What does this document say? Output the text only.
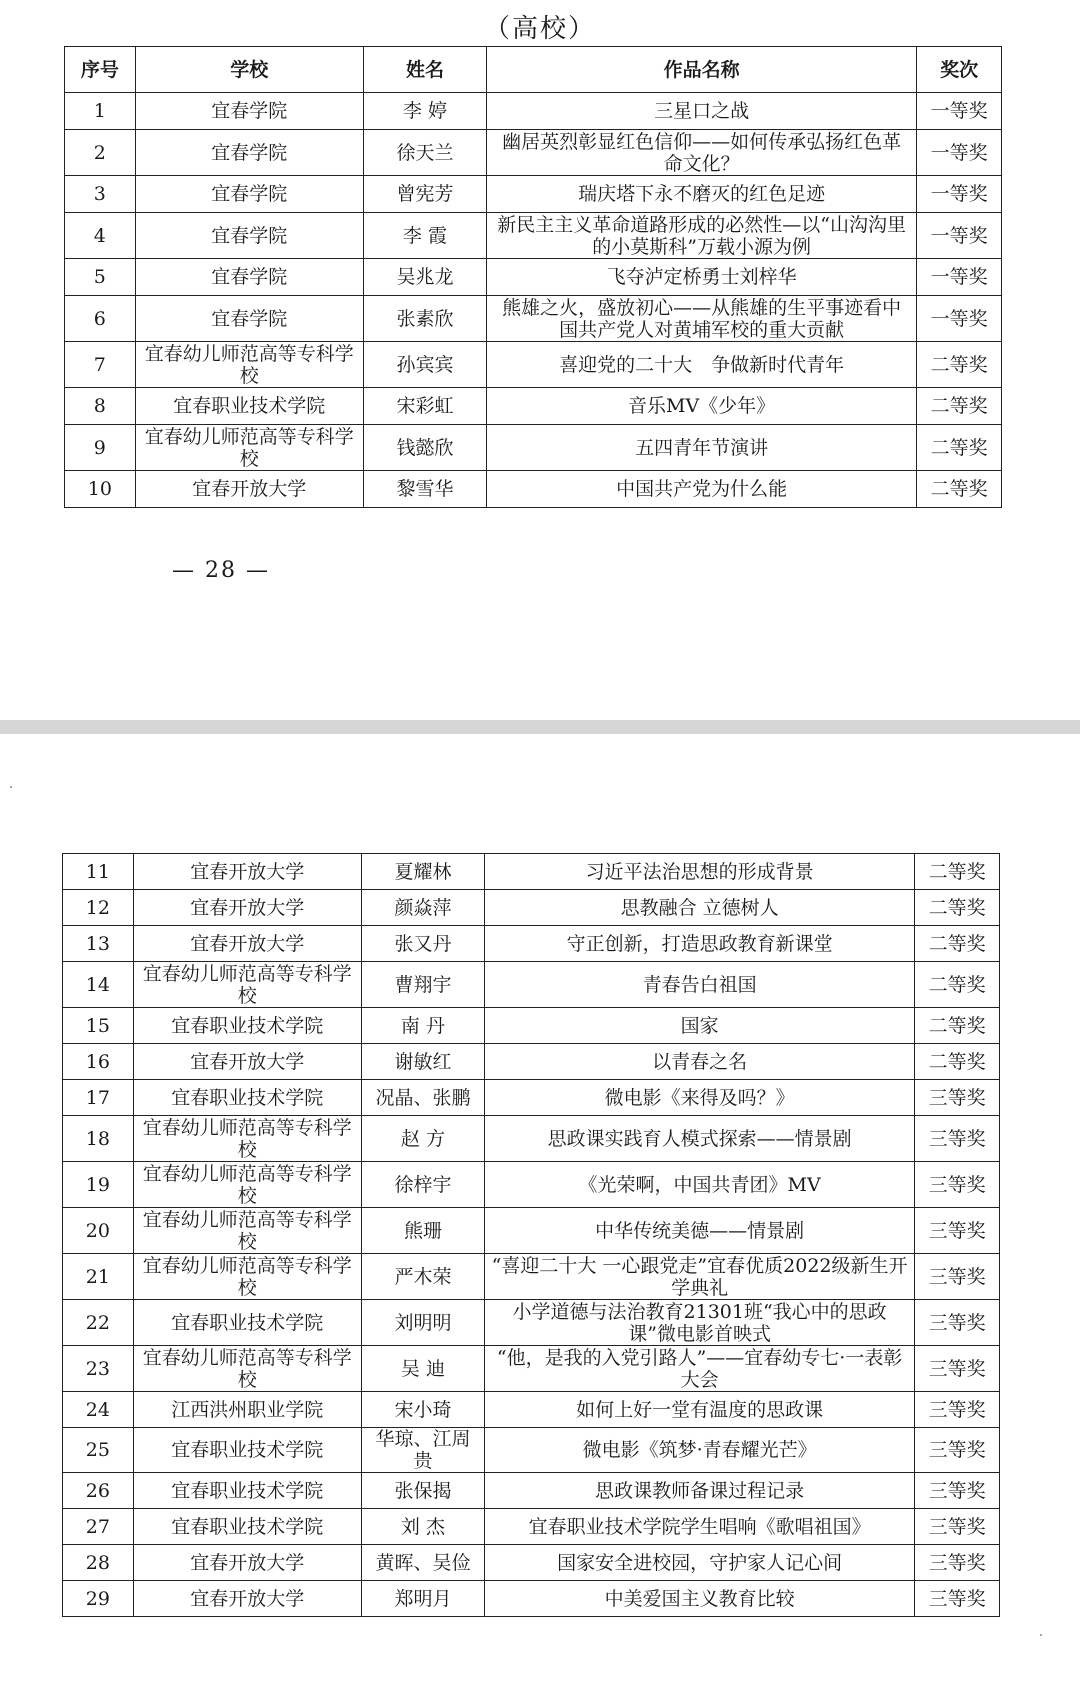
（高校）
序号	学校	姓名	作品名称	奖次
1	宜春学院	李 婷	三星口之战	一等奖
2	宜春学院	徐天兰	幽居英烈彰显红色信仰——如何传承弘扬红色革命文化？	一等奖
3	宜春学院	曾宪芳	瑞庆塔下永不磨灭的红色足迹	一等奖
4	宜春学院	李 霞	新民主主义革命道路形成的必然性—以“山沟沟里的小莫斯科”万载小源为例	一等奖
5	宜春学院	吴兆龙	飞夺泸定桥勇士刘梓华	一等奖
6	宜春学院	张素欣	熊雄之火，盛放初心——从熊雄的生平事迹看中国共产党人对黄埔军校的重大贡献	一等奖
7	宜春幼儿师范高等专科学校	孙宾宾	喜迎党的二十大　争做新时代青年	二等奖
8	宜春职业技术学院	宋彩虹	音乐MV《少年》	二等奖
9	宜春幼儿师范高等专科学校	钱懿欣	五四青年节演讲	二等奖
10	宜春开放大学	黎雪华	中国共产党为什么能	二等奖
— 28 —
11	宜春开放大学	夏耀林	习近平法治思想的形成背景	二等奖
12	宜春开放大学	颜焱萍	思教融合 立德树人	二等奖
13	宜春开放大学	张又丹	守正创新，打造思政教育新课堂	二等奖
14	宜春幼儿师范高等专科学校	曹翔宇	青春告白祖国	二等奖
15	宜春职业技术学院	南 丹	国家	二等奖
16	宜春开放大学	谢敏红	以青春之名	二等奖
17	宜春职业技术学院	况晶、张鹏	微电影《来得及吗？》	三等奖
18	宜春幼儿师范高等专科学校	赵 方	思政课实践育人模式探索——情景剧	三等奖
19	宜春幼儿师范高等专科学校	徐梓宇	《光荣啊，中国共青团》MV	三等奖
20	宜春幼儿师范高等专科学校	熊珊	中华传统美德——情景剧	三等奖
21	宜春幼儿师范高等专科学校	严木荣	“喜迎二十大 一心跟党走”宜春优质2022级新生开学典礼	三等奖
22	宜春职业技术学院	刘明明	小学道德与法治教育21301班“我心中的思政课”微电影首映式	三等奖
23	宜春幼儿师范高等专科学校	吴 迪	“他，是我的入党引路人”——宜春幼专七·一表彰大会	三等奖
24	江西洪州职业学院	宋小琦	如何上好一堂有温度的思政课	三等奖
25	宜春职业技术学院	华琼、江周贵	微电影《筑梦·青春耀光芒》	三等奖
26	宜春职业技术学院	张保揭	思政课教师备课过程记录	三等奖
27	宜春职业技术学院	刘 杰	宜春职业技术学院学生唱响《歌唱祖国》	三等奖
28	宜春开放大学	黄晖、吴俭	国家安全进校园，守护家人记心间	三等奖
29	宜春开放大学	郑明月	中美爱国主义教育比较	三等奖
